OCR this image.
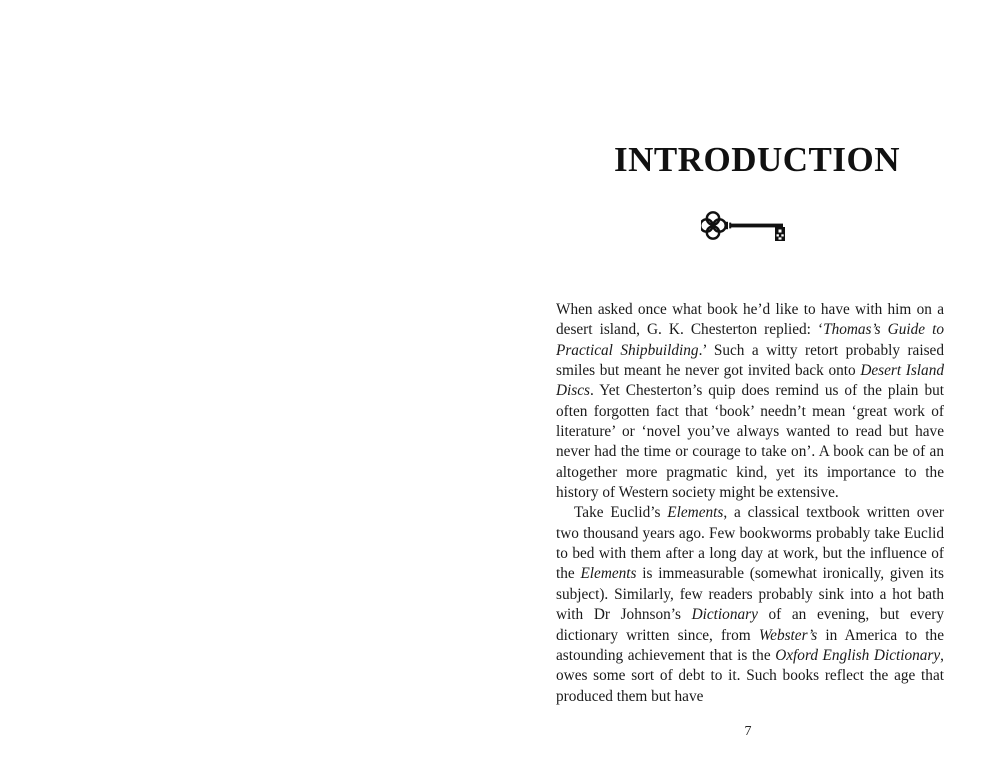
INTRODUCTION

When asked once what book he’d like to have with him on a desert island, G. K. Chesterton replied: ‘Thomas’s Guide to Practical Shipbuilding.’ Such a witty retort probably raised smiles but meant he never got invited back onto Desert Island Discs. Yet Chesterton’s quip does remind us of the plain but often forgotten fact that ‘book’ needn’t mean ‘great work of literature’ or ‘novel you’ve always wanted to read but have never had the time or courage to take on’. A book can be of an altogether more pragmatic kind, yet its importance to the history of Western society might be extensive.

Take Euclid’s Elements, a classical textbook written over two thousand years ago. Few bookworms probably take Euclid to bed with them after a long day at work, but the influence of the Elements is immeasurable (somewhat ironically, given its subject). Similarly, few readers probably sink into a hot bath with Dr Johnson’s Dictionary of an evening, but every dictionary written since, from Webster’s in America to the astounding achievement that is the Oxford English Dictionary, owes some sort of debt to it. Such books reflect the age that produced them but have

7
